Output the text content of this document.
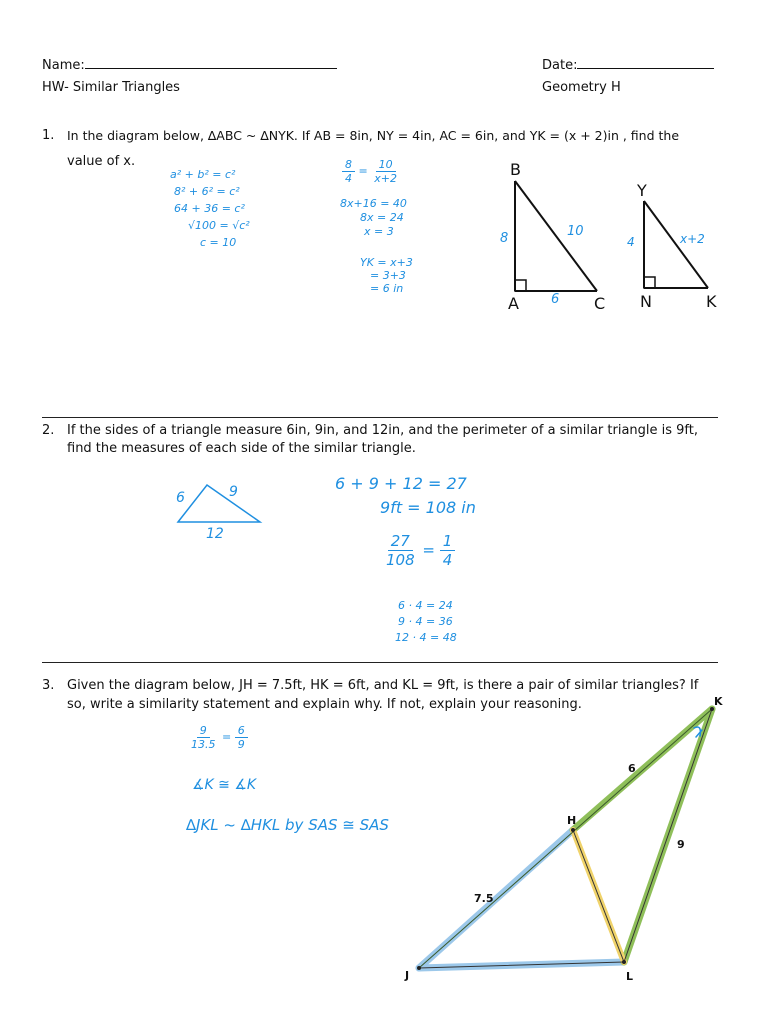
Name:	Date:
HW- Similar Triangles	Geometry H
1. In the diagram below, ∆ABC ~ ∆NYK. If AB = 8in, NY = 4in, AC = 6in, and YK = (x + 2)in , find the
value of x.
a² + b² = c²
8² + 6² = c²
64 + 36 = c²
√100 = √c²
c = 10
$\frac{8}{4} = \frac{10}{x+2}$
8x+16 = 40
8x = 24
x = 3
YK = x+3
= 3+3
= 6 in
B
A	C
8	10
6
Y
N	K
4	x+2
2. If the sides of a triangle measure 6in, 9in, and 12in, and the perimeter of a similar triangle is 9ft,
find the measures of each side of the similar triangle.
6	9
12
6 + 9 + 12 = 27
9ft = 108 in
$\frac{27}{108} = \frac{1}{4}$
6 · 4 = 24
9 · 4 = 36
12 · 4 = 48
3. Given the diagram below, JH = 7.5ft, HK = 6ft, and KL = 9ft, is there a pair of similar triangles? If
so, write a similarity statement and explain why. If not, explain your reasoning.
$\frac{9}{13.5} = \frac{6}{9}$
∡K ≅ ∡K
∆JKL ~ ∆HKL by SAS ≅ SAS
K
H
J	L
6
7.5
9
